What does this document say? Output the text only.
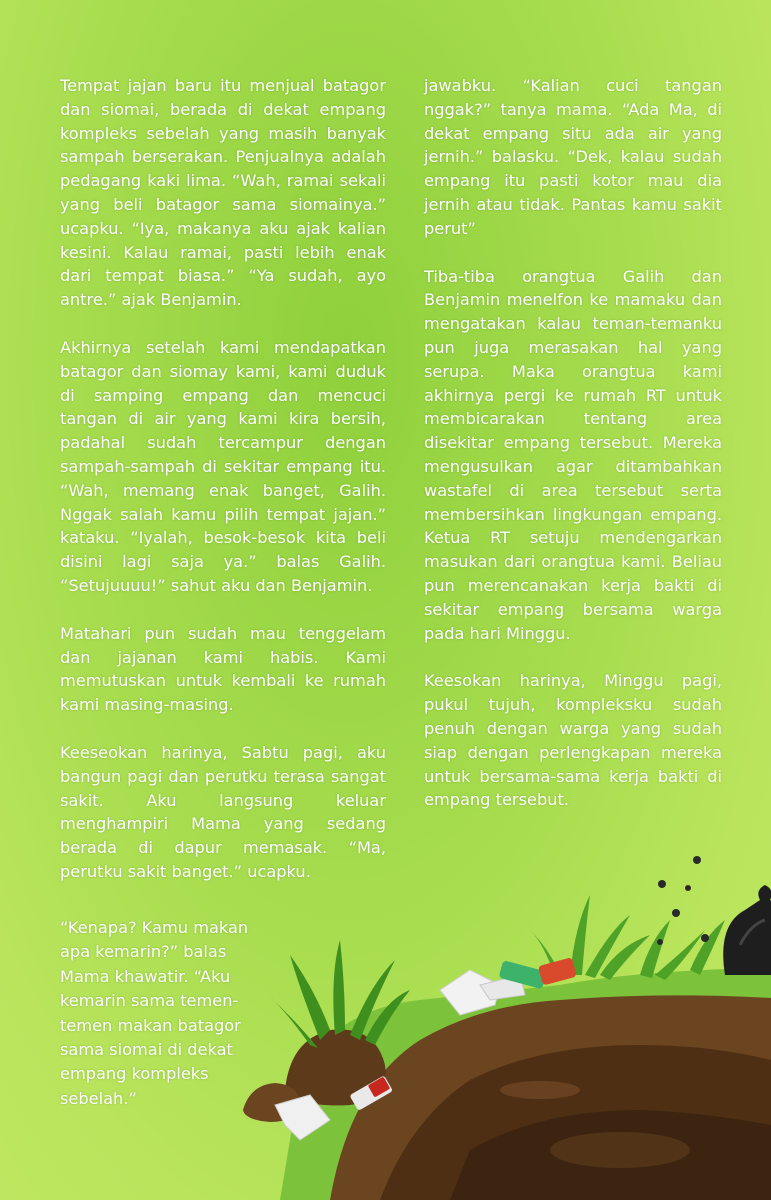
Tempat jajan baru itu menjual batagor dan siomai, berada di dekat empang kompleks sebelah yang masih banyak sampah berserakan. Penjualnya adalah pedagang kaki lima. “Wah, ramai sekali yang beli batagor sama siomainya.” ucapku. “Iya, makanya aku ajak kalian kesini. Kalau ramai, pasti lebih enak dari tempat biasa.” “Ya sudah, ayo antre.” ajak Benjamin.

Akhirnya setelah kami mendapatkan batagor dan siomay kami, kami duduk di samping empang dan mencuci tangan di air yang kami kira bersih, padahal sudah tercampur dengan sampah-sampah di sekitar empang itu. “Wah, memang enak banget, Galih. Nggak salah kamu pilih tempat jajan.” kataku. “Iyalah, besok-besok kita beli disini lagi saja ya.” balas Galih. “Setujuuuu!” sahut aku dan Benjamin.

Matahari pun sudah mau tenggelam dan jajanan kami habis. Kami memutuskan untuk kembali ke rumah kami masing-masing.

Keeseokan harinya, Sabtu pagi, aku bangun pagi dan perutku terasa sangat sakit. Aku langsung keluar menghampiri Mama yang sedang berada di dapur memasak. “Ma, perutku sakit banget.” ucapku.

“Kenapa? Kamu makan apa kemarin?” balas Mama khawatir. “Aku kemarin sama temen-temen makan batagor sama siomai di dekat empang kompleks sebelah.”

jawabku. “Kalian cuci tangan nggak?” tanya mama. “Ada Ma, di dekat empang situ ada air yang jernih.” balasku. “Dek, kalau sudah empang itu pasti kotor mau dia jernih atau tidak. Pantas kamu sakit perut”

Tiba-tiba orangtua Galih dan Benjamin menelfon ke mamaku dan mengatakan kalau teman-temanku pun juga merasakan hal yang serupa. Maka orangtua kami akhirnya pergi ke rumah RT untuk membicarakan tentang area disekitar empang tersebut. Mereka mengusulkan agar ditambahkan wastafel di area tersebut serta membersihkan lingkungan empang. Ketua RT setuju mendengarkan masukan dari orangtua kami. Beliau pun merencanakan kerja bakti di sekitar empang bersama warga pada hari Minggu.

Keesokan harinya, Minggu pagi, pukul tujuh, kompleksku sudah penuh dengan warga yang sudah siap dengan perlengkapan mereka untuk bersama-sama kerja bakti di empang tersebut.
